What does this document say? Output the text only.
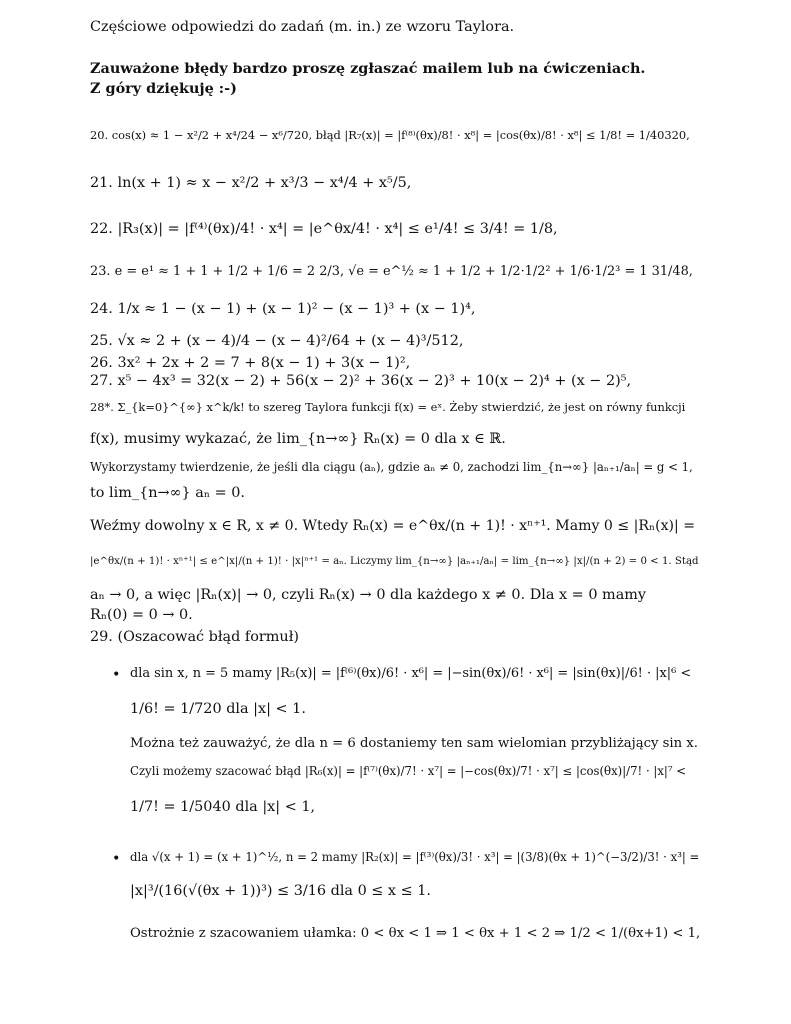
Częściowe odpowiedzi do zadań (m. in.) ze wzoru Taylora.
Zauważone błędy bardzo proszę zgłaszać mailem lub na ćwiczeniach.
Z góry dziękuję :-)
20. cos(x) ≈ 1 − x²/2 + x⁴/24 − x⁶/720, błąd |R₇(x)| = |f⁽⁸⁾(θx)/8! · x⁸| = |cos(θx)/8! · x⁸| ≤ 1/8! = 1/40320,
21. ln(x + 1) ≈ x − x²/2 + x³/3 − x⁴/4 + x⁵/5,
22. |R₃(x)| = |f⁽⁴⁾(θx)/4! · x⁴| = |e^θx/4! · x⁴| ≤ e¹/4! ≤ 3/4! = 1/8,
23. e = e¹ ≈ 1 + 1 + 1/2 + 1/6 = 2 2/3, √e = e^½ ≈ 1 + 1/2 + 1/2·1/2² + 1/6·1/2³ = 1 31/48,
24. 1/x ≈ 1 − (x − 1) + (x − 1)² − (x − 1)³ + (x − 1)⁴,
25. √x ≈ 2 + (x − 4)/4 − (x − 4)²/64 + (x − 4)³/512,
26. 3x² + 2x + 2 = 7 + 8(x − 1) + 3(x − 1)²,
27. x⁵ − 4x³ = 32(x − 2) + 56(x − 2)² + 36(x − 2)³ + 10(x − 2)⁴ + (x − 2)⁵,
28*. Σ_{k=0}^{∞} x^k/k! to szereg Taylora funkcji f(x) = eˣ. Żeby stwierdzić, że jest on równy funkcji
f(x), musimy wykazać, że lim_{n→∞} Rₙ(x) = 0 dla x ∈ ℝ.
Wykorzystamy twierdzenie, że jeśli dla ciągu (aₙ), gdzie aₙ ≠ 0, zachodzi lim_{n→∞} |aₙ₊₁/aₙ| = g < 1,
to lim_{n→∞} aₙ = 0.
Weźmy dowolny x ∈ R, x ≠ 0. Wtedy Rₙ(x) = e^θx/(n + 1)! · xⁿ⁺¹. Mamy 0 ≤ |Rₙ(x)| =
|e^θx/(n + 1)! · xⁿ⁺¹| ≤ e^|x|/(n + 1)! · |x|ⁿ⁺¹ = aₙ. Liczymy lim_{n→∞} |aₙ₊₁/aₙ| = lim_{n→∞} |x|/(n + 2) = 0 < 1. Stąd
aₙ → 0, a więc |Rₙ(x)| → 0, czyli Rₙ(x) → 0 dla każdego x ≠ 0. Dla x = 0 mamy
Rₙ(0) = 0 → 0.
29. (Oszacować błąd formuł)
• dla sin x, n = 5 mamy |R₅(x)| = |f⁽⁶⁾(θx)/6! · x⁶| = |−sin(θx)/6! · x⁶| = |sin(θx)|/6! · |x|⁶ <
1/6! = 1/720 dla |x| < 1.
Można też zauważyć, że dla n = 6 dostaniemy ten sam wielomian przybliżający sin x.
Czyli możemy szacować błąd |R₆(x)| = |f⁽⁷⁾(θx)/7! · x⁷| = |−cos(θx)/7! · x⁷| ≤ |cos(θx)|/7! · |x|⁷ <
1/7! = 1/5040 dla |x| < 1,
• dla √(x + 1) = (x + 1)^½, n = 2 mamy |R₂(x)| = |f⁽³⁾(θx)/3! · x³| = |(3/8)(θx + 1)^(−3/2)/3! · x³| =
|x|³/(16(√(θx + 1))³) ≤ 3/16 dla 0 ≤ x ≤ 1.
Ostrożnie z szacowaniem ułamka: 0 < θx < 1 ⇒ 1 < θx + 1 < 2 ⇒ 1/2 < 1/(θx+1) < 1,
